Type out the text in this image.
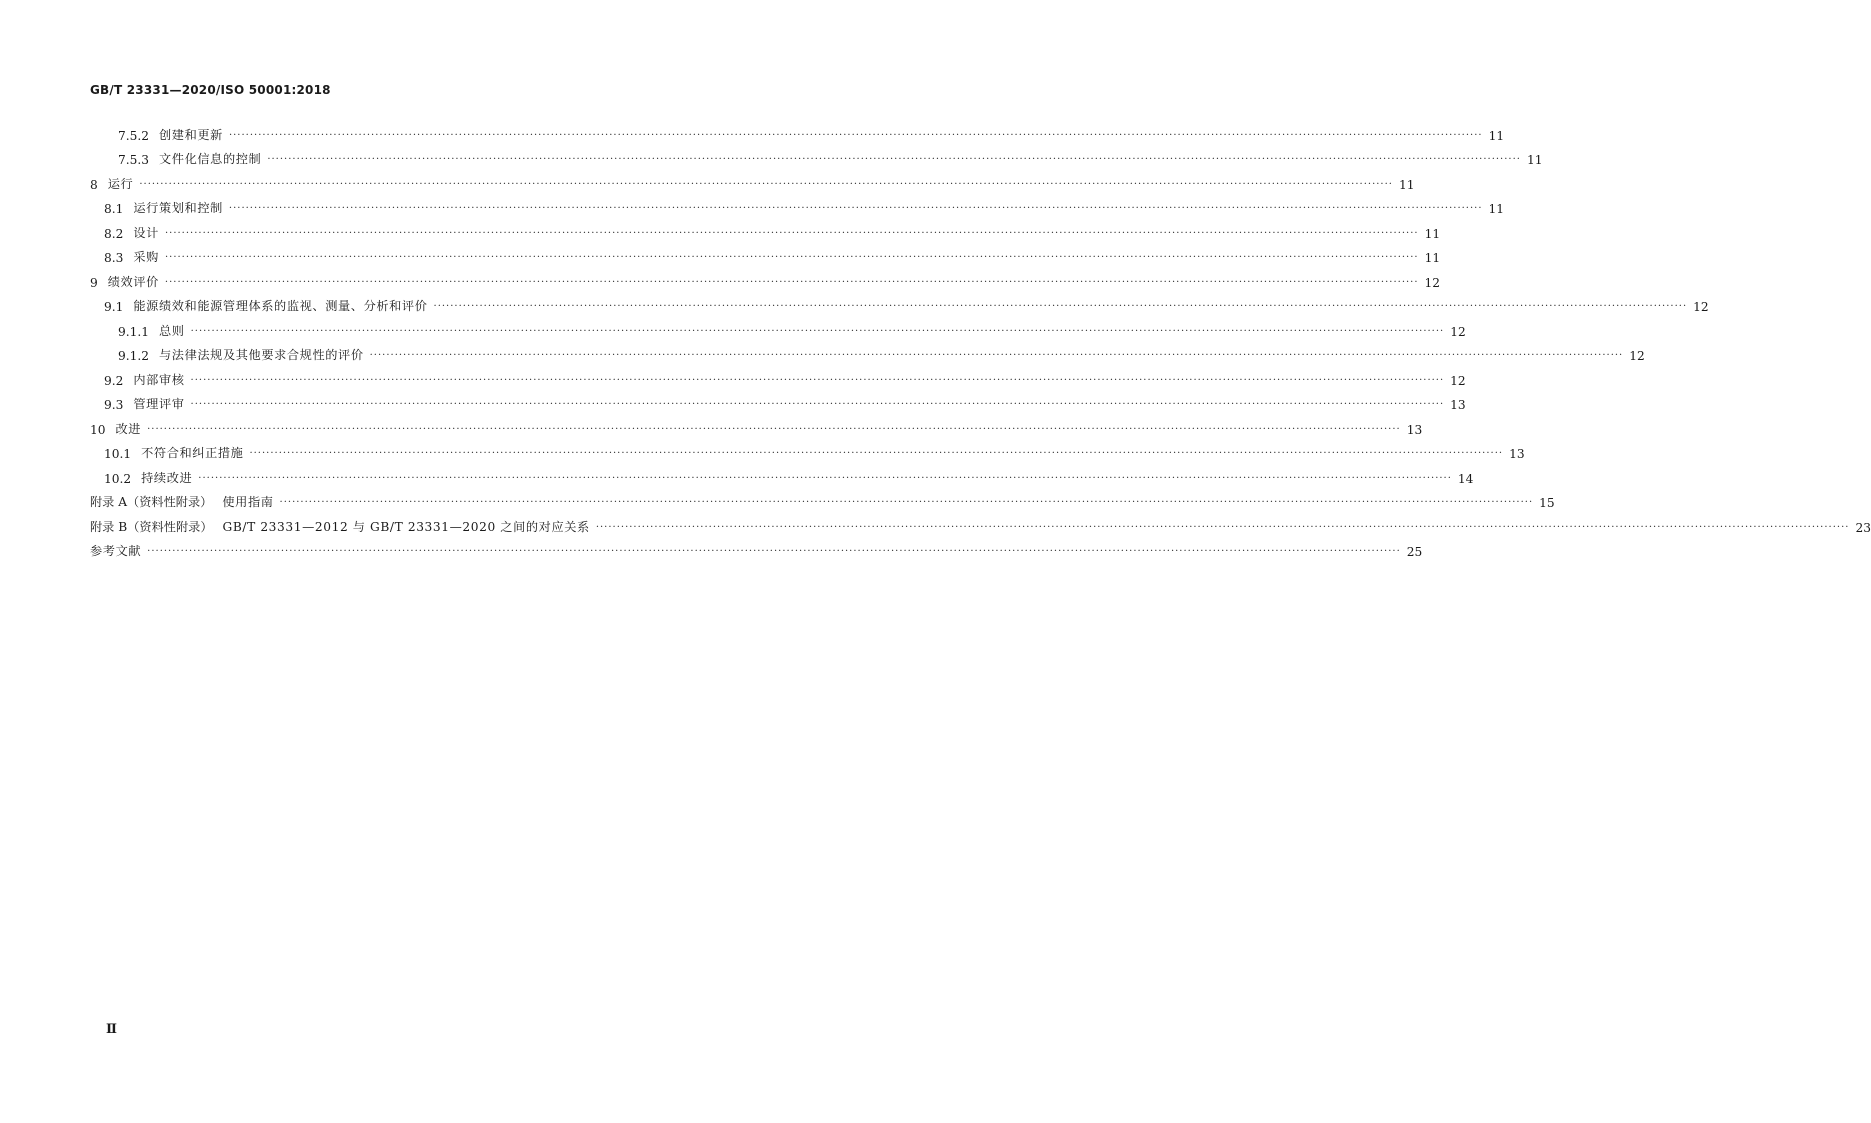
GB/T 23331—2020/ISO 50001:2018
7.5.2 创建和更新 ············································································································································································································································································································ 11
7.5.3 文件化信息的控制 ············································································································································································································································································································ 11
8 运行 ············································································································································································································································································································ 11
8.1 运行策划和控制 ············································································································································································································································································································ 11
8.2 设计 ············································································································································································································································································································ 11
8.3 采购 ············································································································································································································································································································ 11
9 绩效评价 ············································································································································································································································································································ 12
9.1 能源绩效和能源管理体系的监视、测量、分析和评价 ············································································································································································································································································································ 12
9.1.1 总则 ············································································································································································································································································································ 12
9.1.2 与法律法规及其他要求合规性的评价 ············································································································································································································································································································ 12
9.2 内部审核 ············································································································································································································································································································ 12
9.3 管理评审 ············································································································································································································································································································ 13
10 改进 ············································································································································································································································································································ 13
10.1 不符合和纠正措施 ············································································································································································································································································································ 13
10.2 持续改进 ············································································································································································································································································································ 14
附录 A（资料性附录） 使用指南 ············································································································································································································································································································ 15
附录 B（资料性附录） GB/T 23331—2012 与 GB/T 23331—2020 之间的对应关系 ············································································································································································································································································································ 23
参考文献 ············································································································································································································································································································ 25
Ⅱ
